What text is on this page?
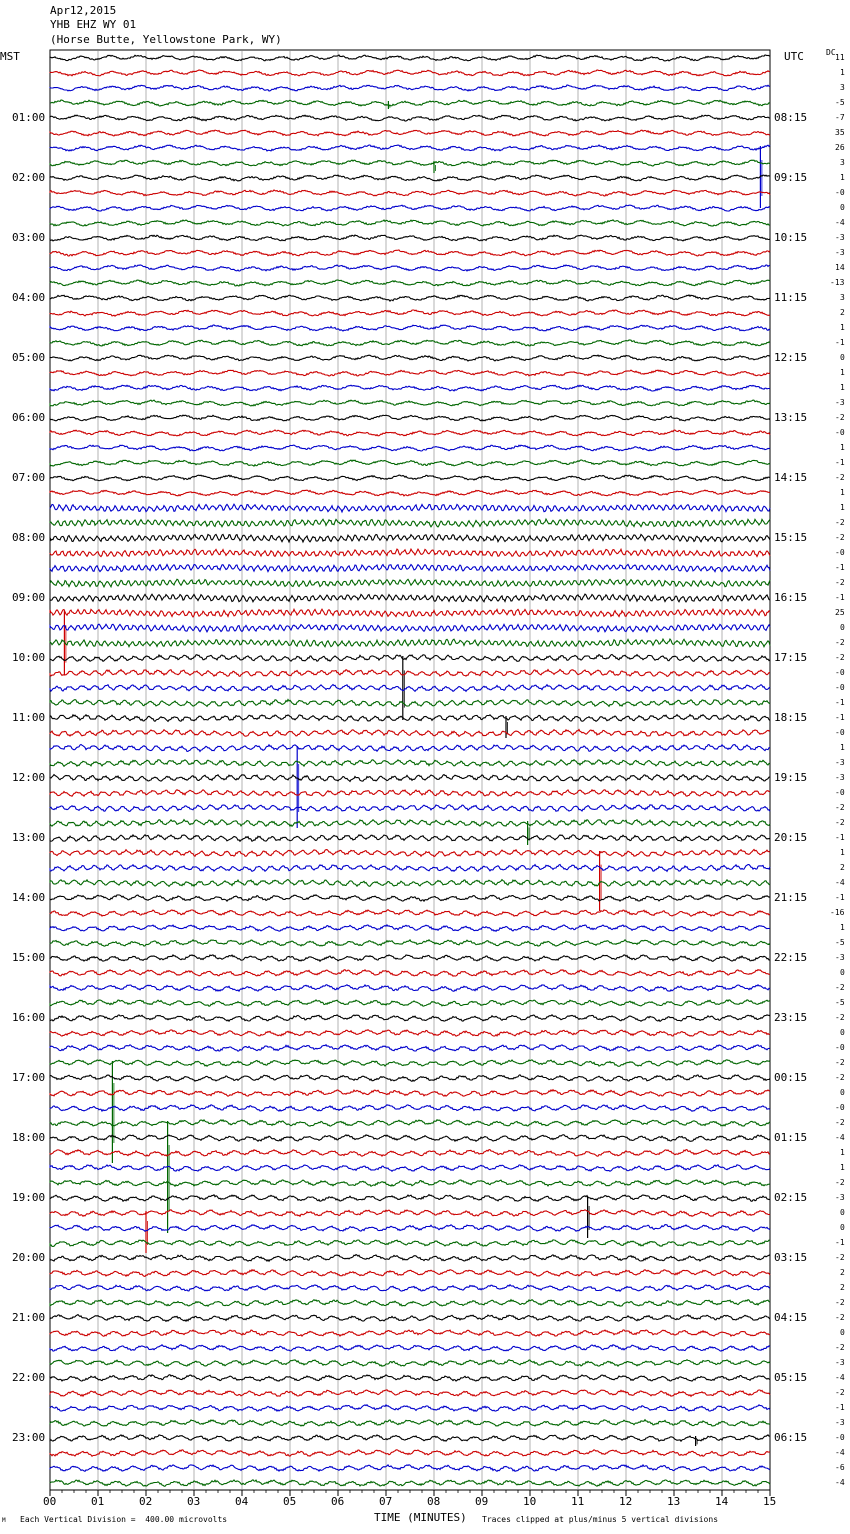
Apr12,2015
YHB EHZ WY 01
(Horse Butte, Yellowstone Park, WY)
MST	UTC	DC
00	01	02	03	04	05	06	07	08	09	10	11	12	13	14	15
01:00
02:00
03:00
04:00
05:00
06:00
07:00
08:00
09:00
10:00
11:00
12:00
13:00
14:00
15:00
16:00
17:00
18:00
19:00
20:00
21:00
22:00
23:00
08:15
09:15
10:15
11:15
12:15
13:15
14:15
15:15
16:15
17:15
18:15
19:15
20:15
21:15
22:15
23:15
00:15
01:15
02:15
03:15
04:15
05:15
06:15
11
1
3
-5
-7
35
26
3
1
-0
0
-4
-3
-3
14
-13
3
2
1
-1
0
1
1
-3
-2
-0
1
-1
-2
1
1
-2
-2
-0
-1
-2
-1
25
0
-2
-2
-0
-0
-1
-1
-0
1
-3
-3
-0
-2
-2
-1
1
2
-4
-1
-16
1
-5
-3
0
-2
-5
-2
0
-0
-2
-2
0
-0
-2
-4
1
1
-2
-3
0
0
-1
-2
2
2
-2
-2
0
-2
-3
-4
-2
-1
-3
-0
-4
-6
-4
TIME (MINUTES)
Each Vertical Division =  400.00 microvolts	Traces clipped at plus/minus 5 vertical divisions
M
